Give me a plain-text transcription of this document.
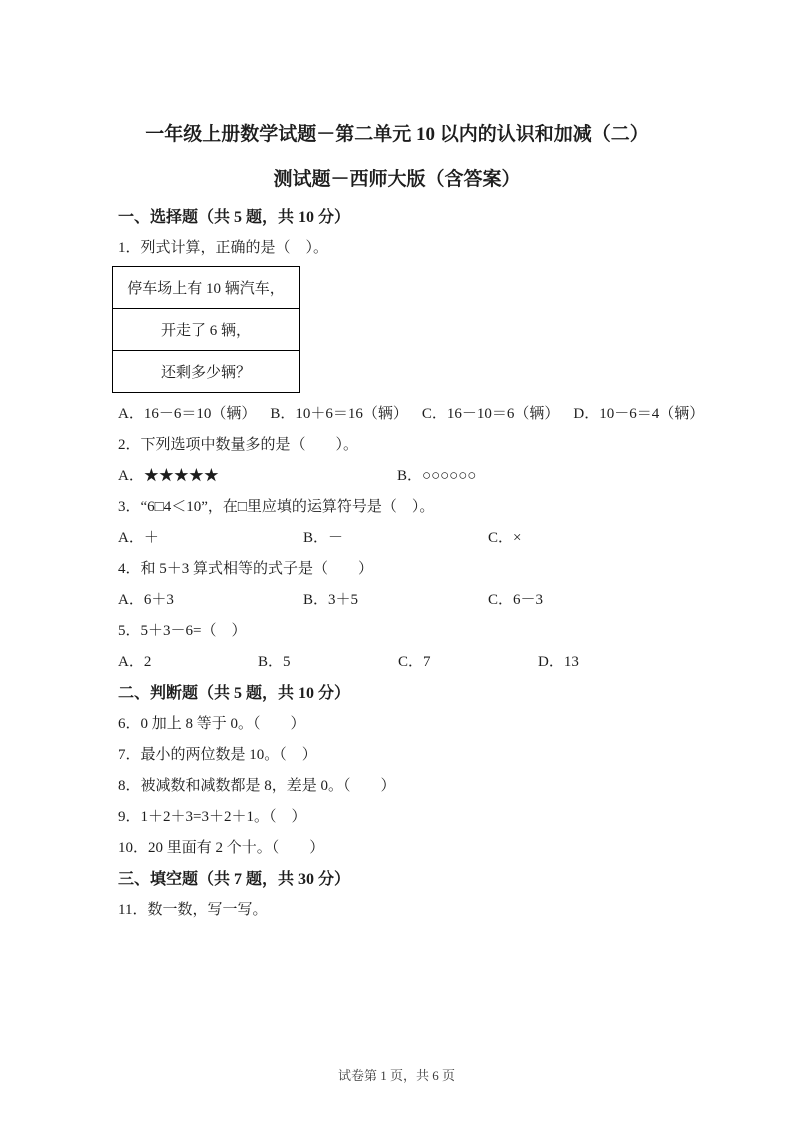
一年级上册数学试题－第二单元 10 以内的认识和加减（二）
测试题－西师大版（含答案）
一、选择题（共 5 题，共 10 分）

1．列式计算，正确的是（　）。

停车场上有 10 辆汽车，
开走了 6 辆，
还剩多少辆？

A．16－6＝10（辆） B．10＋6＝16（辆） C．16－10＝6（辆） D．10－6＝4（辆）

2．下列选项中数量多的是（　　）。

A．★★★★★	B．○○○○○○

3．“6□4＜10”，在□里应填的运算符号是（　）。

A．＋	B．－	C．×

4．和 5＋3 算式相等的式子是（　　）

A．6＋3	B．3＋5	C．6－3

5．5＋3－6=（　）

A．2	B．5	C．7	D．13

二、判断题（共 5 题，共 10 分）

6．0 加上 8 等于 0。（　　）

7．最小的两位数是 10。（　）

8．被减数和减数都是 8，差是 0。（　　）

9．1＋2＋3=3＋2＋1。（　）

10．20 里面有 2 个十。（　　）

三、填空题（共 7 题，共 30 分）

11．数一数，写一写。

试卷第 1 页，共 6 页
